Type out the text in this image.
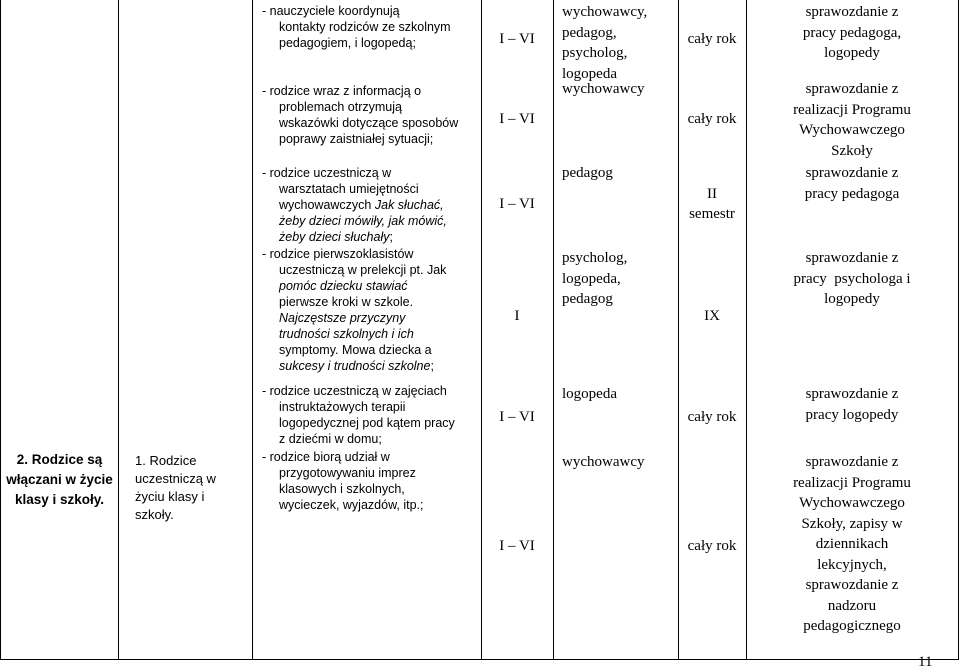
2. Rodzice są
włączani w życie
klasy i szkoły.
1. Rodzice
uczestniczą w
życiu klasy i
szkoły.

- nauczyciele koordynują

kontakty rodziców ze szkolnym

pedagogiem, i logopedą;

- rodzice wraz z informacją o

problemach otrzymują

wskazówki dotyczące sposobów

poprawy zaistniałej sytuacji;

- rodzice uczestniczą w

warsztatach umiejętności

wychowawczych Jak słuchać,

żeby dzieci mówiły, jak mówić,

żeby dzieci słuchały;

- rodzice pierwszoklasistów

uczestniczą w prelekcji pt. Jak

pomóc dziecku stawiać

pierwsze kroki w szkole.

Najczęstsze przyczyny

trudności szkolnych i ich

symptomy. Mowa dziecka a

sukcesy i trudności szkolne;

- rodzice uczestniczą w zajęciach

instruktażowych terapii

logopedycznej pod kątem pracy

z dziećmi w domu;

- rodzice biorą udział w

przygotowywaniu imprez

klasowych i szkolnych,

wycieczek, wyjazdów, itp.;

I – VI
I – VI
I – VI
I
I – VI
I – VI
wychowawcy,
pedagog,
psycholog,
logopeda
wychowawcy
pedagog
psycholog,
logopeda,
pedagog
logopeda
wychowawcy
cały rok
cały rok
II
semestr
IX
cały rok
cały rok
sprawozdanie z
pracy pedagoga,
logopedy
sprawozdanie z
realizacji Programu
Wychowawczego
Szkoły
sprawozdanie z
pracy pedagoga
sprawozdanie z
pracy  psychologa i
logopedy
sprawozdanie z
pracy logopedy
sprawozdanie z
realizacji Programu
Wychowawczego
Szkoły, zapisy w
dziennikach
lekcyjnych,
sprawozdanie z
nadzoru
pedagogicznego
11
